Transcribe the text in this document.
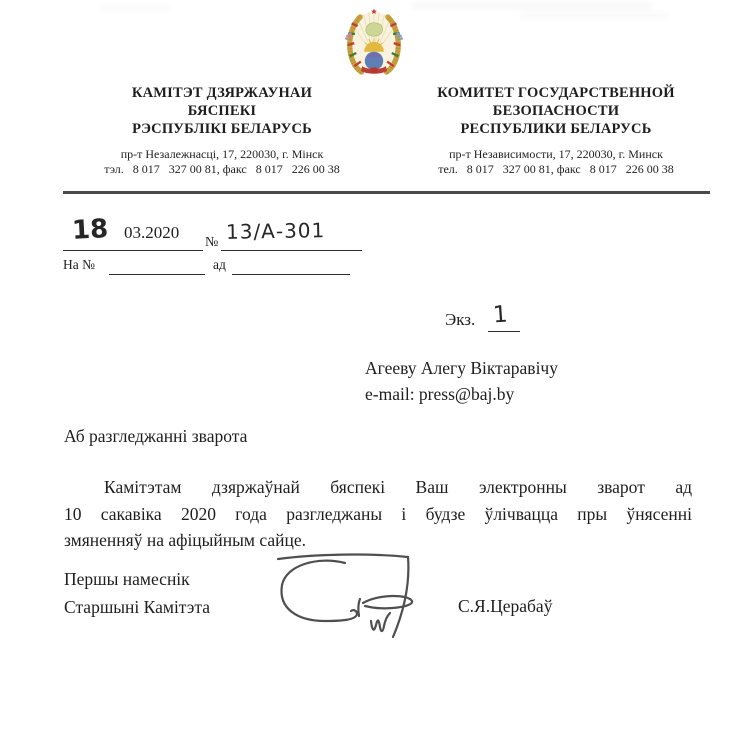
КАМІТЭТ ДЗЯРЖАУНАИ
БЯСПЕКІ
РЭСПУБЛІКІ БЕЛАРУСЬ
пр-т Незалежнасці, 17, 220030, г. Мінск
тэл.   8 017   327 00 81, факс   8 017   226 00 38
КОМИТЕТ ГОСУДАРСТВЕННОЙ
БЕЗОПАСНОСТИ
РЕСПУБЛИКИ БЕЛАРУСЬ
пр-т Независимости, 17, 220030, г. Минск
тел.   8 017   327 00 81, факс   8 017   226 00 38
18 03.2020
№ 13/А-301
На №	ад
Экз. 1
Агееву Алегу Віктаравічу
e-mail: press@baj.by
Аб разгледжанні зварота
Камітэтам дзяржаўнай бяспекі Ваш электронны зварот ад
10 сакавіка 2020 года разгледжаны і будзе ўлічвацца пры ўнясенні
змяненняў на афіцыйным сайце.
Першы намеснік
Старшыні Камітэта	С.Я.Церабаў
